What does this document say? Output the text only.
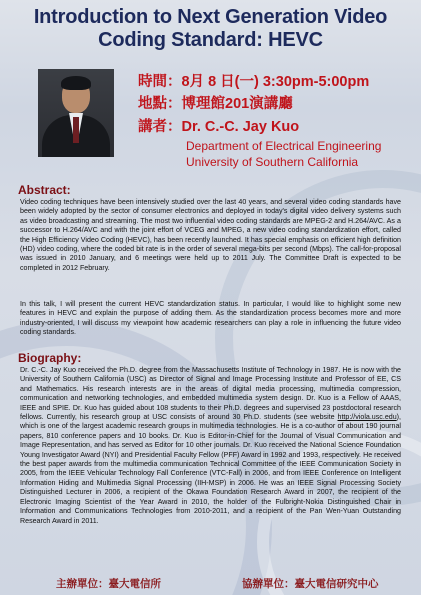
Introduction to Next Generation Video
Coding Standard: HEVC
時間：8月 8 日(一) 3:30pm-5:00pm
地點：博理館201演講廳
講者：Dr. C.-C. Jay Kuo
Department of Electrical Engineering
University of Southern California
Abstract:
Video coding techniques have been intensively studied over the last 40 years, and several video coding standards have been widely adopted by the sector of consumer electronics and deployed in today's digital video delivery systems such as video broadcasting and streaming. The most two influential video coding standards are MPEG-2 and H.264/AVC. As a successor to H.264/AVC and with the joint effort of VCEG and MPEG, a new video coding standardization effort, called the High Efficiency Video Coding (HEVC), has been recently launched. It has special emphasis on efficient high definition (HD) video coding, where the coded bit rate is in the order of several mega-bits per second (Mbps). The call-for-proposal was issued in 2010 January, and 6 meetings were held up to 2011 July. The Committee Draft is expected to be completed in 2012 February.
In this talk, I will present the current HEVC standardization status. In particular, I would like to highlight some new features in HEVC and explain the purpose of adding them. As the standardization process becomes more and more industry-oriented, I will discuss my viewpoint how academic researchers can play a role in influencing the future video coding standards.
Biography:
Dr. C.-C. Jay Kuo received the Ph.D. degree from the Massachusetts Institute of Technology in 1987. He is now with the University of Southern California (USC) as Director of Signal and Image Processing Institute and Professor of EE, CS and Mathematics. His research interests are in the areas of digital media processing, multimedia compression, communication and networking technologies, and embedded multimedia system design. Dr. Kuo is a Fellow of AAAS, IEEE and SPIE. Dr. Kuo has guided about 108 students to their Ph.D. degrees and supervised 23 postdoctoral research fellows. Currently, his research group at USC consists of around 30 Ph.D. students (see website http://viola.usc.edu), which is one of the largest academic research groups in multimedia technologies. He is a co-author of about 190 journal papers, 810 conference papers and 10 books. Dr. Kuo is Editor-in-Chief for the Journal of Visual Communication and Image Representation, and has served as Editor for 10 other journals. Dr. Kuo received the National Science Foundation Young Investigator Award (NYI) and Presidential Faculty Fellow (PFF) Award in 1992 and 1993, respectively. He received the best paper awards from the multimedia communication Technical Committee of the IEEE Communication Society in 2005, from the IEEE Vehicular Technology Fall Conference (VTC-Fall) in 2006, and from IEEE Conference on Intelligent Information Hiding and Multimedia Signal Processing (IIH-MSP) in 2006. He was an IEEE Signal Processing Society Distinguished Lecturer in 2006, a recipient of the Okawa Foundation Research Award in 2007, the recipient of the Electronic Imaging Scientist of the Year Award in 2010, the holder of the Fulbright-Nokia Distinguished Chair in Information and Communications Technologies from 2010-2011, and a recipient of the Pan Wen-Yuan Outstanding Research Award in 2011.
主辦單位：臺大電信所	協辦單位：臺大電信研究中心
